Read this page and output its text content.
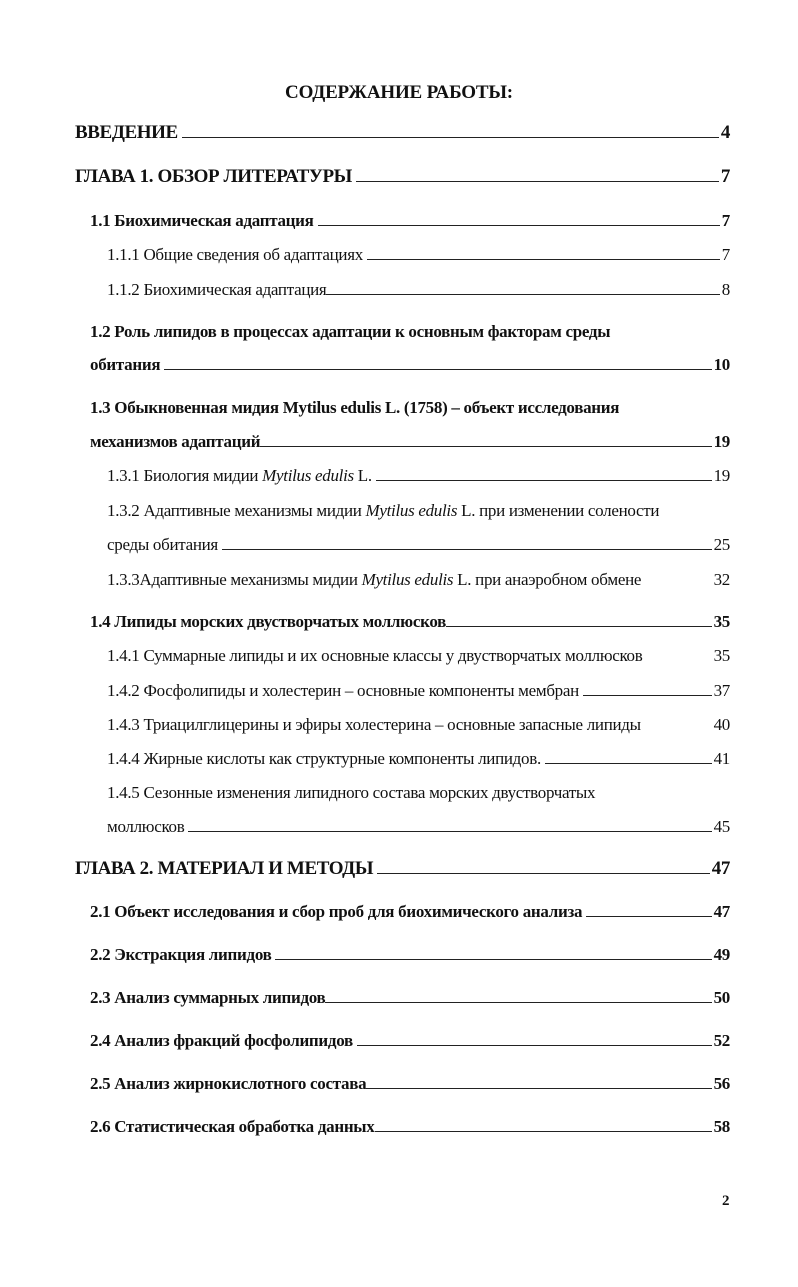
СОДЕРЖАНИЕ РАБОТЫ:
ВВЕДЕНИЕ	4
ГЛАВА 1. ОБЗОР ЛИТЕРАТУРЫ	7
1.1 Биохимическая адаптация	7
1.1.1 Общие сведения об адаптациях	7
1.1.2 Биохимическая адаптация	8
1.2 Роль липидов в процессах адаптации к основным факторам среды
обитания	10
1.3 Обыкновенная мидия Mytilus edulis L. (1758) – объект исследования
механизмов адаптаций	19
1.3.1 Биология мидии Mytilus edulis L.	19
1.3.2 Адаптивные механизмы мидии Mytilus edulis L. при изменении солености
среды обитания	25
1.3.3Адаптивные механизмы мидии Mytilus edulis L. при анаэробном обмене	32
1.4 Липиды морских двустворчатых моллюсков	35
1.4.1 Суммарные липиды и их основные классы у двустворчатых моллюсков	35
1.4.2 Фосфолипиды и холестерин – основные компоненты мембран	37
1.4.3 Триацилглицерины и эфиры холестерина – основные запасные липиды	40
1.4.4 Жирные кислоты как структурные компоненты липидов.	41
1.4.5 Сезонные изменения липидного состава морских двустворчатых
моллюсков	45
ГЛАВА 2. МАТЕРИАЛ И МЕТОДЫ	47
2.1 Объект исследования и сбор проб для биохимического анализа	47
2.2 Экстракция липидов	49
2.3 Анализ суммарных липидов	50
2.4 Анализ фракций фосфолипидов	52
2.5 Анализ жирнокислотного состава	56
2.6 Статистическая обработка данных	58
2
